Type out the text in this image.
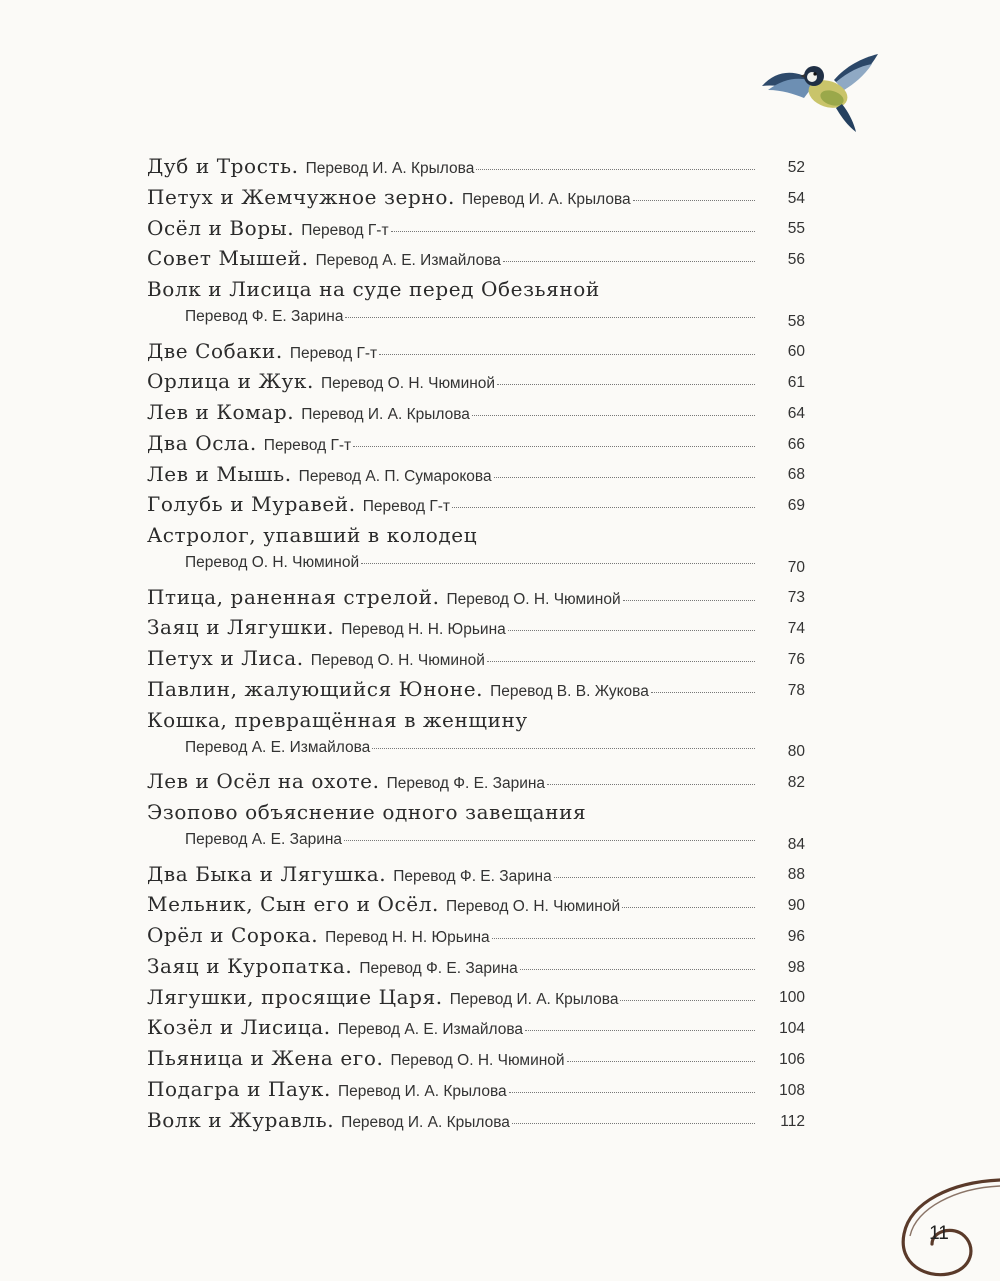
Дуб и Трость. Перевод И. А. Крылова	52
Петух и Жемчужное зерно. Перевод И. А. Крылова	54
Осёл и Воры. Перевод Г-т	55
Совет Мышей. Перевод А. Е. Измайлова	56
Волк и Лисица на суде перед Обезьяной
Перевод Ф. Е. Зарина	58
Две Собаки. Перевод Г-т	60
Орлица и Жук. Перевод О. Н. Чюминой	61
Лев и Комар. Перевод И. А. Крылова	64
Два Осла. Перевод Г-т	66
Лев и Мышь. Перевод А. П. Сумарокова	68
Голубь и Муравей. Перевод Г-т	69
Астролог, упавший в колодец
Перевод О. Н. Чюминой	70
Птица, раненная стрелой. Перевод О. Н. Чюминой	73
Заяц и Лягушки. Перевод Н. Н. Юрьина	74
Петух и Лиса. Перевод О. Н. Чюминой	76
Павлин, жалующийся Юноне. Перевод В. В. Жукова	78
Кошка, превращённая в женщину
Перевод А. Е. Измайлова	80
Лев и Осёл на охоте. Перевод Ф. Е. Зарина	82
Эзопово объяснение одного завещания
Перевод А. Е. Зарина	84
Два Быка и Лягушка. Перевод Ф. Е. Зарина	88
Мельник, Сын его и Осёл. Перевод О. Н. Чюминой	90
Орёл и Сорока. Перевод Н. Н. Юрьина	96
Заяц и Куропатка. Перевод Ф. Е. Зарина	98
Лягушки, просящие Царя. Перевод И. А. Крылова	100
Козёл и Лисица. Перевод А. Е. Измайлова	104
Пьяница и Жена его. Перевод О. Н. Чюминой	106
Подагра и Паук. Перевод И. А. Крылова	108
Волк и Журавль. Перевод И. А. Крылова	112
11
